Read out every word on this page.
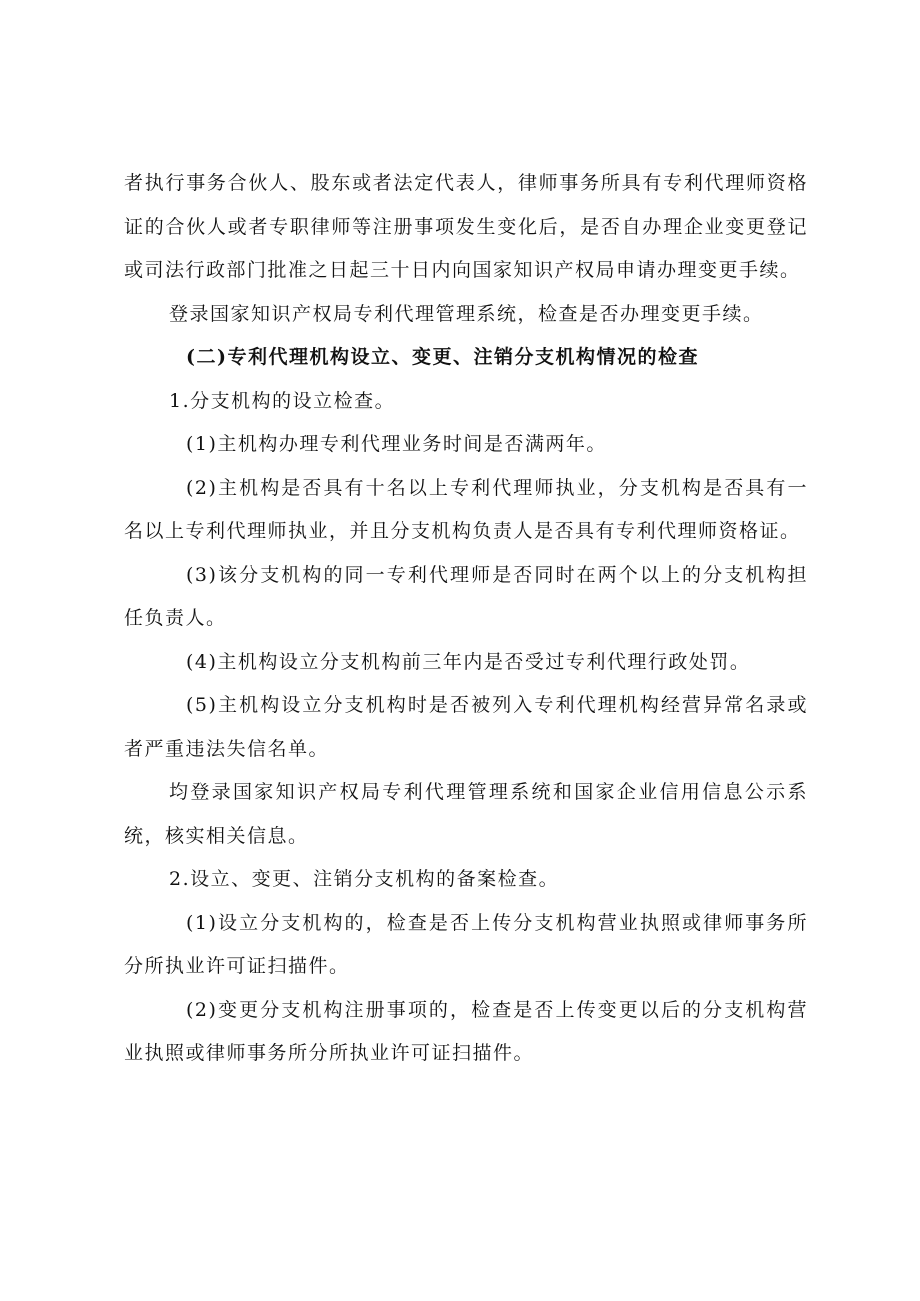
者执行事务合伙人、股东或者法定代表人，律师事务所具有专利代理师资格证的合伙人或者专职律师等注册事项发生变化后，是否自办理企业变更登记或司法行政部门批准之日起三十日内向国家知识产权局申请办理变更手续。

登录国家知识产权局专利代理管理系统，检查是否办理变更手续。

(二)专利代理机构设立、变更、注销分支机构情况的检查

1.分支机构的设立检查。

(1)主机构办理专利代理业务时间是否满两年。

(2)主机构是否具有十名以上专利代理师执业，分支机构是否具有一名以上专利代理师执业，并且分支机构负责人是否具有专利代理师资格证。

(3)该分支机构的同一专利代理师是否同时在两个以上的分支机构担任负责人。

(4)主机构设立分支机构前三年内是否受过专利代理行政处罚。

(5)主机构设立分支机构时是否被列入专利代理机构经营异常名录或者严重违法失信名单。

均登录国家知识产权局专利代理管理系统和国家企业信用信息公示系统，核实相关信息。

2.设立、变更、注销分支机构的备案检查。

(1)设立分支机构的，检查是否上传分支机构营业执照或律师事务所分所执业许可证扫描件。

(2)变更分支机构注册事项的，检查是否上传变更以后的分支机构营业执照或律师事务所分所执业许可证扫描件。
